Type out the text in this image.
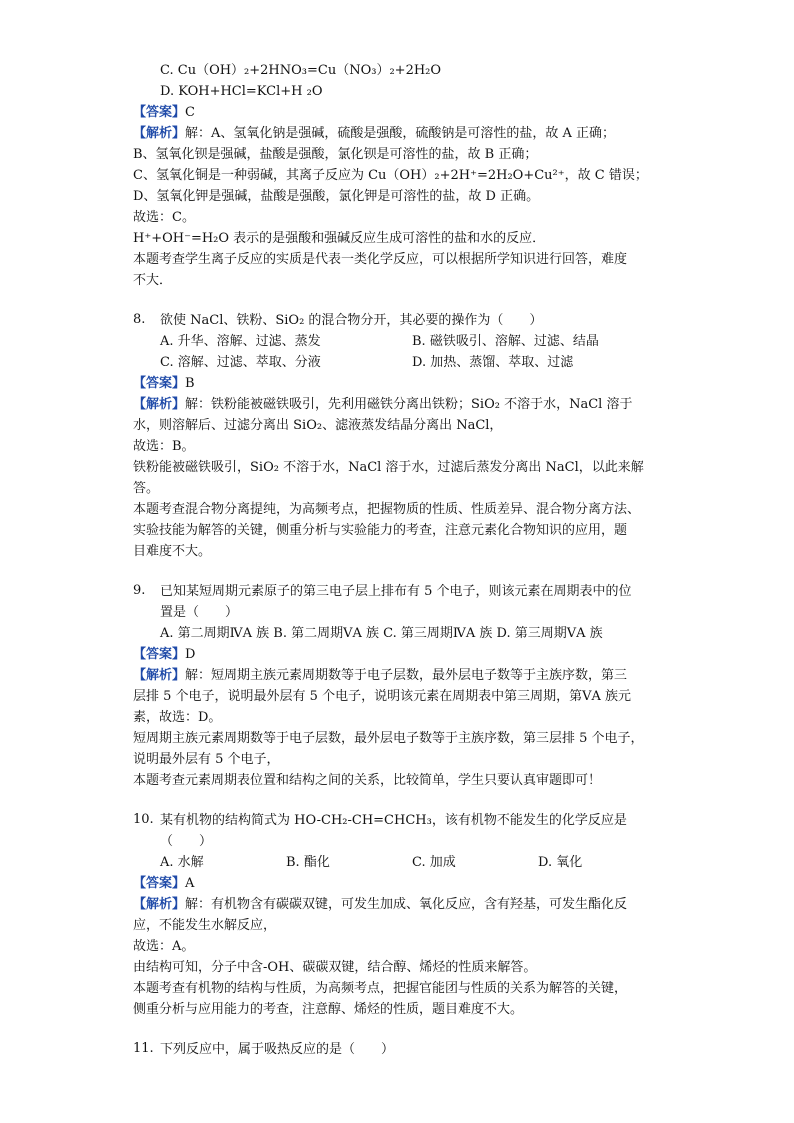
C. Cu（OH）₂+2HNO₃=Cu（NO₃）₂+2H₂O
D. KOH+HCl=KCl+H ₂O
【答案】C
【解析】解：A、氢氧化钠是强碱，硫酸是强酸，硫酸钠是可溶性的盐，故 A 正确；
B、氢氧化钡是强碱，盐酸是强酸，氯化钡是可溶性的盐，故 B 正确；
C、氢氧化铜是一种弱碱，其离子反应为 Cu（OH）₂+2H⁺=2H₂O+Cu²⁺，故 C 错误；
D、氢氧化钾是强碱，盐酸是强酸，氯化钾是可溶性的盐，故 D 正确。
故选：C。
H⁺+OH⁻=H₂O 表示的是强酸和强碱反应生成可溶性的盐和水的反应．
本题考查学生离子反应的实质是代表一类化学反应，可以根据所学知识进行回答，难度
不大．
8. 欲使 NaCl、铁粉、SiO₂ 的混合物分开，其必要的操作为（　　）
A. 升华、溶解、过滤、蒸发	B. 磁铁吸引、溶解、过滤、结晶
C. 溶解、过滤、萃取、分液	D. 加热、蒸馏、萃取、过滤
【答案】B
【解析】解：铁粉能被磁铁吸引，先利用磁铁分离出铁粉；SiO₂ 不溶于水，NaCl 溶于
水，则溶解后、过滤分离出 SiO₂、滤液蒸发结晶分离出 NaCl，
故选：B。
铁粉能被磁铁吸引，SiO₂ 不溶于水，NaCl 溶于水，过滤后蒸发分离出 NaCl，以此来解
答。
本题考查混合物分离提纯，为高频考点，把握物质的性质、性质差异、混合物分离方法、
实验技能为解答的关键，侧重分析与实验能力的考查，注意元素化合物知识的应用，题
目难度不大。
9. 已知某短周期元素原子的第三电子层上排布有 5 个电子，则该元素在周期表中的位
置是（　　）
A. 第二周期ⅣA 族 B. 第二周期ⅤA 族 C. 第三周期ⅣA 族 D. 第三周期ⅤA 族
【答案】D
【解析】解：短周期主族元素周期数等于电子层数，最外层电子数等于主族序数，第三
层排 5 个电子，说明最外层有 5 个电子，说明该元素在周期表中第三周期，第ⅤA 族元
素，故选：D。
短周期主族元素周期数等于电子层数，最外层电子数等于主族序数，第三层排 5 个电子，
说明最外层有 5 个电子，
本题考查元素周期表位置和结构之间的关系，比较简单，学生只要认真审题即可！
10. 某有机物的结构简式为 HO-CH₂-CH=CHCH₃，该有机物不能发生的化学反应是
（　　）
A. 水解	B. 酯化	C. 加成	D. 氧化
【答案】A
【解析】解：有机物含有碳碳双键，可发生加成、氧化反应，含有羟基，可发生酯化反
应，不能发生水解反应，
故选：A。
由结构可知，分子中含-OH、碳碳双键，结合醇、烯烃的性质来解答。
本题考查有机物的结构与性质，为高频考点，把握官能团与性质的关系为解答的关键，
侧重分析与应用能力的考查，注意醇、烯烃的性质，题目难度不大。
11. 下列反应中，属于吸热反应的是（　　）
